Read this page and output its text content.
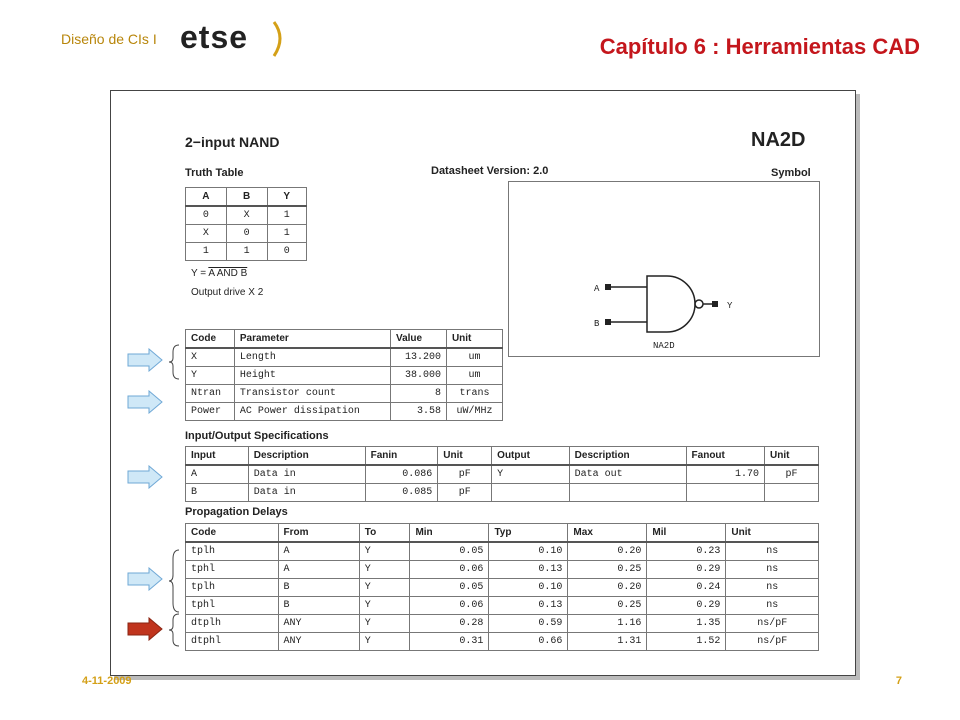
Diseño de CIs I etse	Capítulo 6 : Herramientas CAD
2−input NAND	NA2D
Truth Table	Datasheet Version: 2.0	Symbol
A	B	Y
0	X	1
X	0	1
1	1	0
Y = A AND B
Output drive X 2	A
B
Y
NA2D
Code	Parameter	Value	Unit
X	Length	13.200	um
Y	Height	38.000	um
Ntran	Transistor count	8	trans
Power	AC Power dissipation	3.58	uW/MHz
Input/Output Specifications
Input	Description	Fanin	Unit	Output	Description	Fanout	Unit
A	Data in	0.086	pF	Y	Data out	1.70	pF
B	Data in	0.085	pF				
Propagation Delays
Code	From	To	Min	Typ	Max	Mil	Unit
tplh	A	Y	0.05	0.10	0.20	0.23	ns
tphl	A	Y	0.06	0.13	0.25	0.29	ns
tplh	B	Y	0.05	0.10	0.20	0.24	ns
tphl	B	Y	0.06	0.13	0.25	0.29	ns
dtplh	ANY	Y	0.28	0.59	1.16	1.35	ns/pF
dtphl	ANY	Y	0.31	0.66	1.31	1.52	ns/pF
4-11-2009	7
